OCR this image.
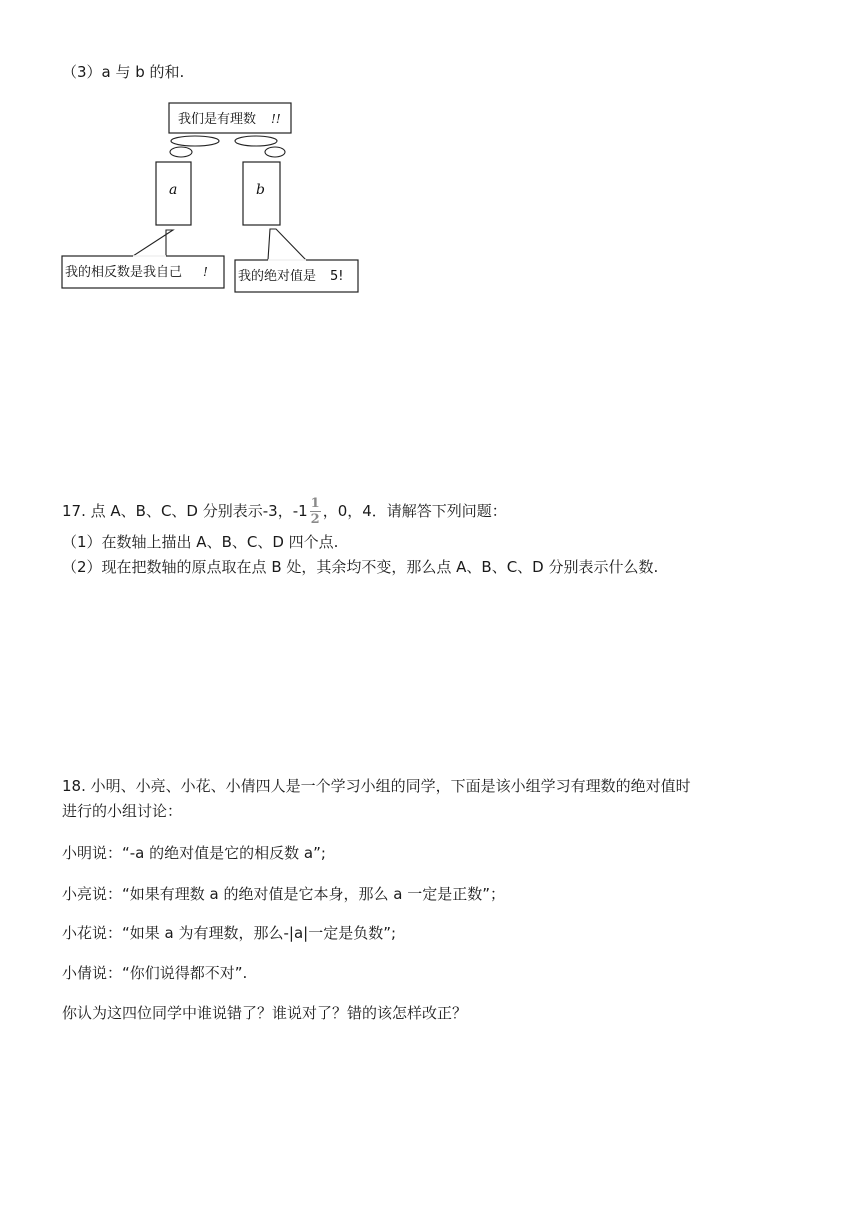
（3）a 与 b 的和.
我们是有理数 !!
a	b
我的相反数是我自己 ! 我的绝对值是 5!
17. 点 A、B、C、D 分别表示-3，$-1 \frac{1}{2}$ ，0，4．请解答下列问题：
（1）在数轴上描出 A、B、C、D 四个点.
（2）现在把数轴的原点取在点 B 处，其余均不变，那么点 A、B、C、D 分别表示什么数.
18. 小明、小亮、小花、小倩四人是一个学习小组的同学，下面是该小组学习有理数的绝对值时
进行的小组讨论：
小明说：“-a 的绝对值是它的相反数 a”;
小亮说：“如果有理数 a 的绝对值是它本身，那么 a 一定是正数”；
小花说：“如果 a 为有理数，那么-|a|一定是负数”;
小倩说：“你们说得都不对”.
你认为这四位同学中谁说错了？谁说对了？错的该怎样改正？
